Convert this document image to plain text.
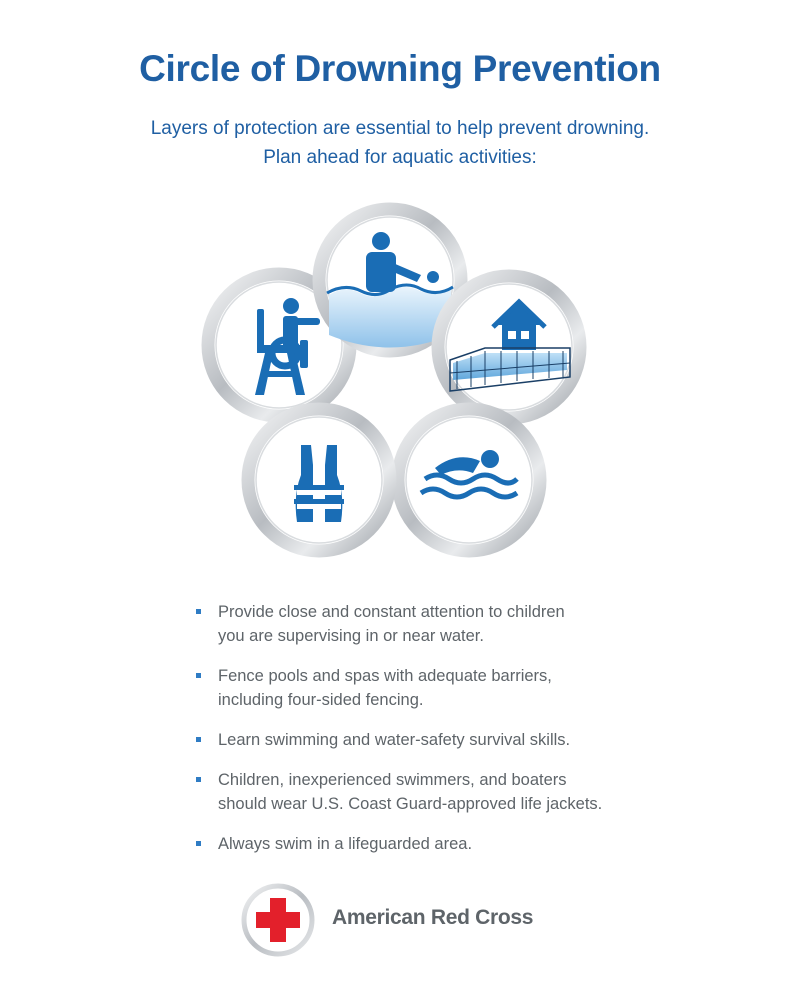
Circle of Drowning Prevention
Layers of protection are essential to help prevent drowning.
Plan ahead for aquatic activities:
Provide close and constant attention to children
you are supervising in or near water.
Fence pools and spas with adequate barriers,
including four-sided fencing.
Learn swimming and water-safety survival skills.
Children, inexperienced swimmers, and boaters
should wear U.S. Coast Guard-approved life jackets.
Always swim in a lifeguarded area.
American Red Cross
